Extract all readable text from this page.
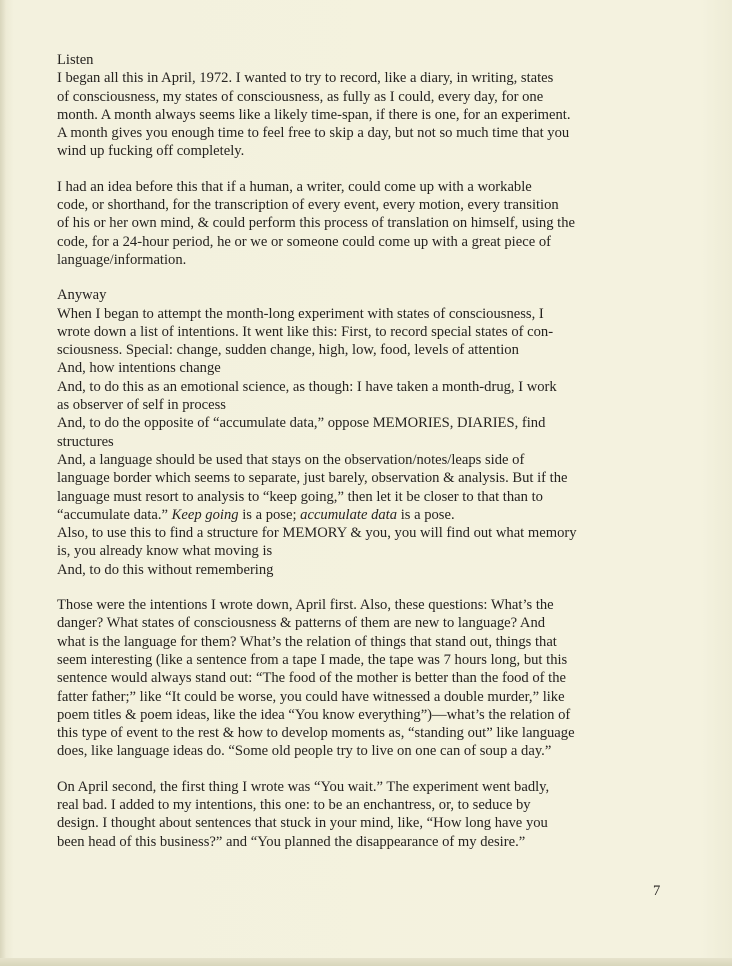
Listen
I began all this in April, 1972. I wanted to try to record, like a diary, in writing, states
of consciousness, my states of consciousness, as fully as I could, every day, for one
month. A month always seems like a likely time-span, if there is one, for an experiment.
A month gives you enough time to feel free to skip a day, but not so much time that you
wind up fucking off completely.
I had an idea before this that if a human, a writer, could come up with a workable
code, or shorthand, for the transcription of every event, every motion, every transition
of his or her own mind, & could perform this process of translation on himself, using the
code, for a 24-hour period, he or we or someone could come up with a great piece of
language/information.
Anyway
When I began to attempt the month-long experiment with states of consciousness, I
wrote down a list of intentions. It went like this: First, to record special states of con-
sciousness. Special: change, sudden change, high, low, food, levels of attention
And, how intentions change
And, to do this as an emotional science, as though: I have taken a month-drug, I work
as observer of self in process
And, to do the opposite of “accumulate data,” oppose MEMORIES, DIARIES, find
structures
And, a language should be used that stays on the observation/notes/leaps side of
language border which seems to separate, just barely, observation & analysis. But if the
language must resort to analysis to “keep going,” then let it be closer to that than to
“accumulate data.” Keep going is a pose; accumulate data is a pose.
Also, to use this to find a structure for MEMORY & you, you will find out what memory
is, you already know what moving is
And, to do this without remembering
Those were the intentions I wrote down, April first. Also, these questions: What’s the
danger? What states of consciousness & patterns of them are new to language? And
what is the language for them? What’s the relation of things that stand out, things that
seem interesting (like a sentence from a tape I made, the tape was 7 hours long, but this
sentence would always stand out: “The food of the mother is better than the food of the
fatter father;” like “It could be worse, you could have witnessed a double murder,” like
poem titles & poem ideas, like the idea “You know everything”)—what’s the relation of
this type of event to the rest & how to develop moments as, “standing out” like language
does, like language ideas do. “Some old people try to live on one can of soup a day.”
On April second, the first thing I wrote was “You wait.” The experiment went badly,
real bad. I added to my intentions, this one: to be an enchantress, or, to seduce by
design. I thought about sentences that stuck in your mind, like, “How long have you
been head of this business?” and “You planned the disappearance of my desire.”
7
